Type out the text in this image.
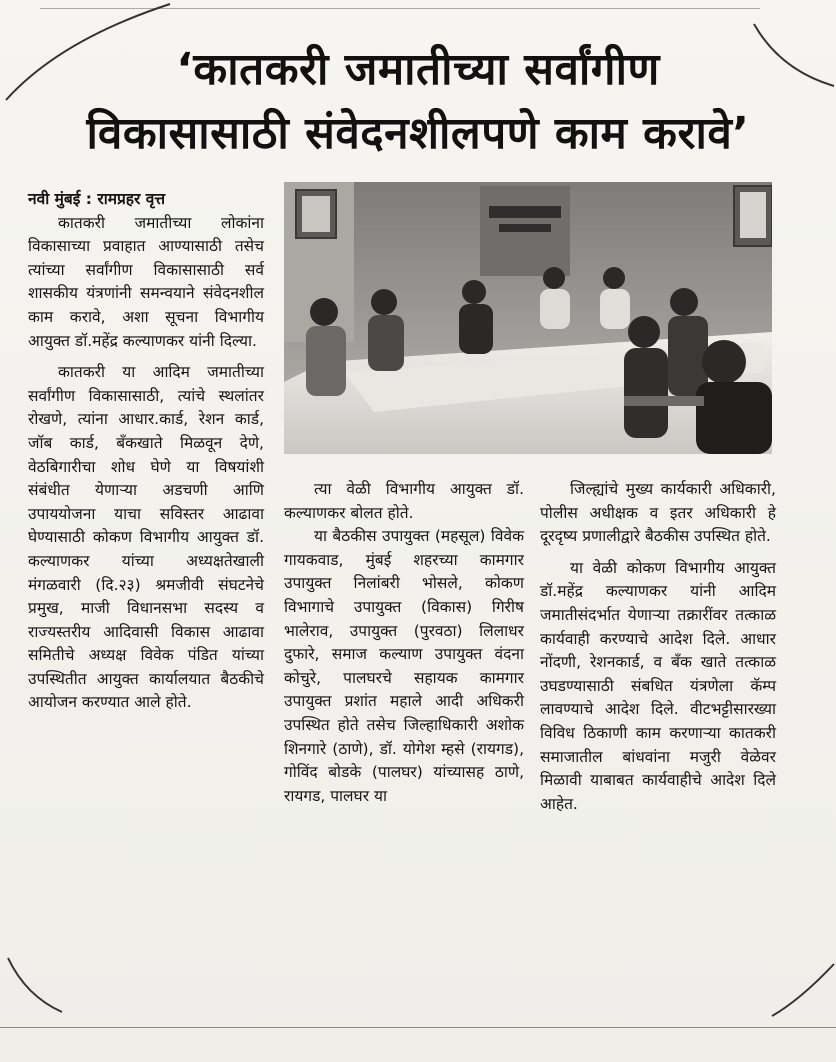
‘कातकरी जमातीच्या सर्वांगीण
विकासासाठी संवेदनशीलपणे काम करावे’
नवी मुंबई : रामप्रहर वृत्त

कातकरी जमातीच्या लोकांना विकासाच्या प्रवाहात आण्यासाठी तसेच त्यांच्या सर्वांगीण विकासासाठी सर्व शासकीय यंत्रणांनी समन्वयाने संवेदनशील काम करावे, अशा सूचना विभागीय आयुक्त डॉ.महेंद्र कल्याणकर यांनी दिल्या.

कातकरी या आदिम जमातीच्या सर्वांगीण विकासासाठी, त्यांचे स्थलांतर रोखणे, त्यांना आधार.कार्ड, रेशन कार्ड, जॉब कार्ड, बँकखाते मिळवून देणे, वेठबिगारीचा शोध घेणे या विषयांशी संबंधीत येणाऱ्या अडचणी आणि उपाययोजना याचा सविस्तर आढावा घेण्यासाठी कोकण विभागीय आयुक्त डॉ. कल्याणकर यांच्या अध्यक्षतेखाली मंगळवारी (दि.२३) श्रमजीवी संघटनेचे प्रमुख, माजी विधानसभा सदस्य व राज्यस्तरीय आदिवासी विकास आढावा समितीचे अध्यक्ष विवेक पंडित यांच्या उपस्थितीत आयुक्त कार्यालयात बैठकीचे आयोजन करण्यात आले होते.

त्या वेळी विभागीय आयुक्त डॉ. कल्याणकर बोलत होते.

या बैठकीस उपायुक्त (महसूल) विवेक गायकवाड, मुंबई शहरच्या कामगार उपायुक्त निलांबरी भोसले, कोकण विभागाचे उपायुक्त (विकास) गिरीष भालेराव, उपायुक्त (पुरवठा) लिलाधर दुफारे, समाज कल्याण उपायुक्त वंदना कोचुरे, पालघरचे सहायक कामगार उपायुक्त प्रशांत महाले आदी अधिकरी उपस्थित होते तसेच जिल्हाधिकारी अशोक शिनगारे (ठाणे), डॉ. योगेश म्हसे (रायगड), गोविंद बोडके (पालघर) यांच्यासह ठाणे, रायगड, पालघर या

जिल्ह्यांचे मुख्य कार्यकारी अधिकारी, पोलीस अधीक्षक व इतर अधिकारी हे दूरदृष्य प्रणालीद्वारे बैठकीस उपस्थित होते.

या वेळी कोकण विभागीय आयुक्त डॉ.महेंद्र कल्याणकर यांनी आदिम जमातीसंदर्भात येणाऱ्या तक्रारींवर तत्काळ कार्यवाही करण्याचे आदेश दिले. आधार नोंदणी, रेशनकार्ड, व बँक खाते तत्काळ उघडण्यासाठी संबधित यंत्रणेला कॅम्प लावण्याचे आदेश दिले. वीटभट्टीसारख्या विविध ठिकाणी काम करणाऱ्या कातकरी समाजातील बांधवांना मजुरी वेळेवर मिळावी याबाबत कार्यवाहीचे आदेश दिले आहेत.
